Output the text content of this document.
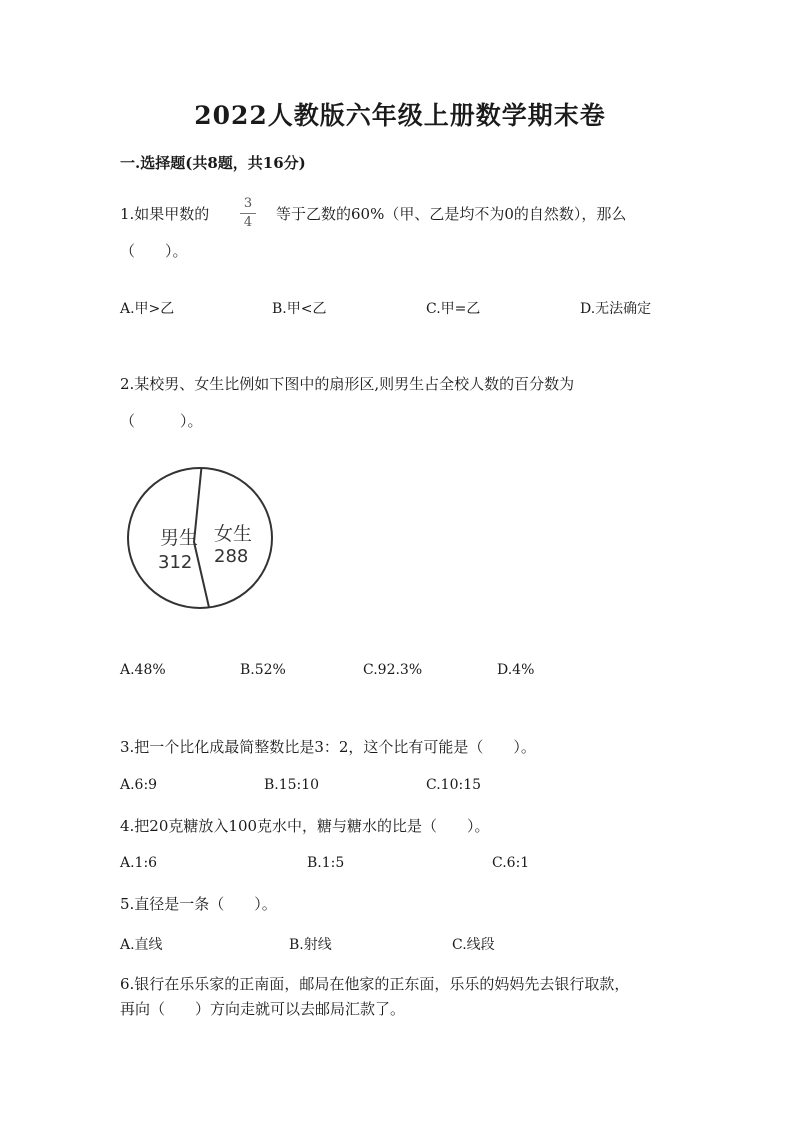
2022人教版六年级上册数学期末卷
一.选择题(共8题，共16分)
1.如果甲数的
3
4	等于乙数的60%（甲、乙是均不为0的自然数），那么
（　　）。
A.甲>乙	B.甲<乙	C.甲=乙	D.无法确定
2.某校男、女生比例如下图中的扇形区,则男生占全校人数的百分数为
（　　　）。
男生
312
女生
288
A.48%	B.52%	C.92.3%	D.4%
3.把一个比化成最简整数比是3：2，这个比有可能是（　　）。
A.6:9	B.15:10	C.10:15
4.把20克糖放入100克水中，糖与糖水的比是（　　）。
A.1:6	B.1:5	C.6:1
5.直径是一条（　　）。
A.直线	B.射线	C.线段
6.银行在乐乐家的正南面，邮局在他家的正东面，乐乐的妈妈先去银行取款，
再向（　　）方向走就可以去邮局汇款了。
